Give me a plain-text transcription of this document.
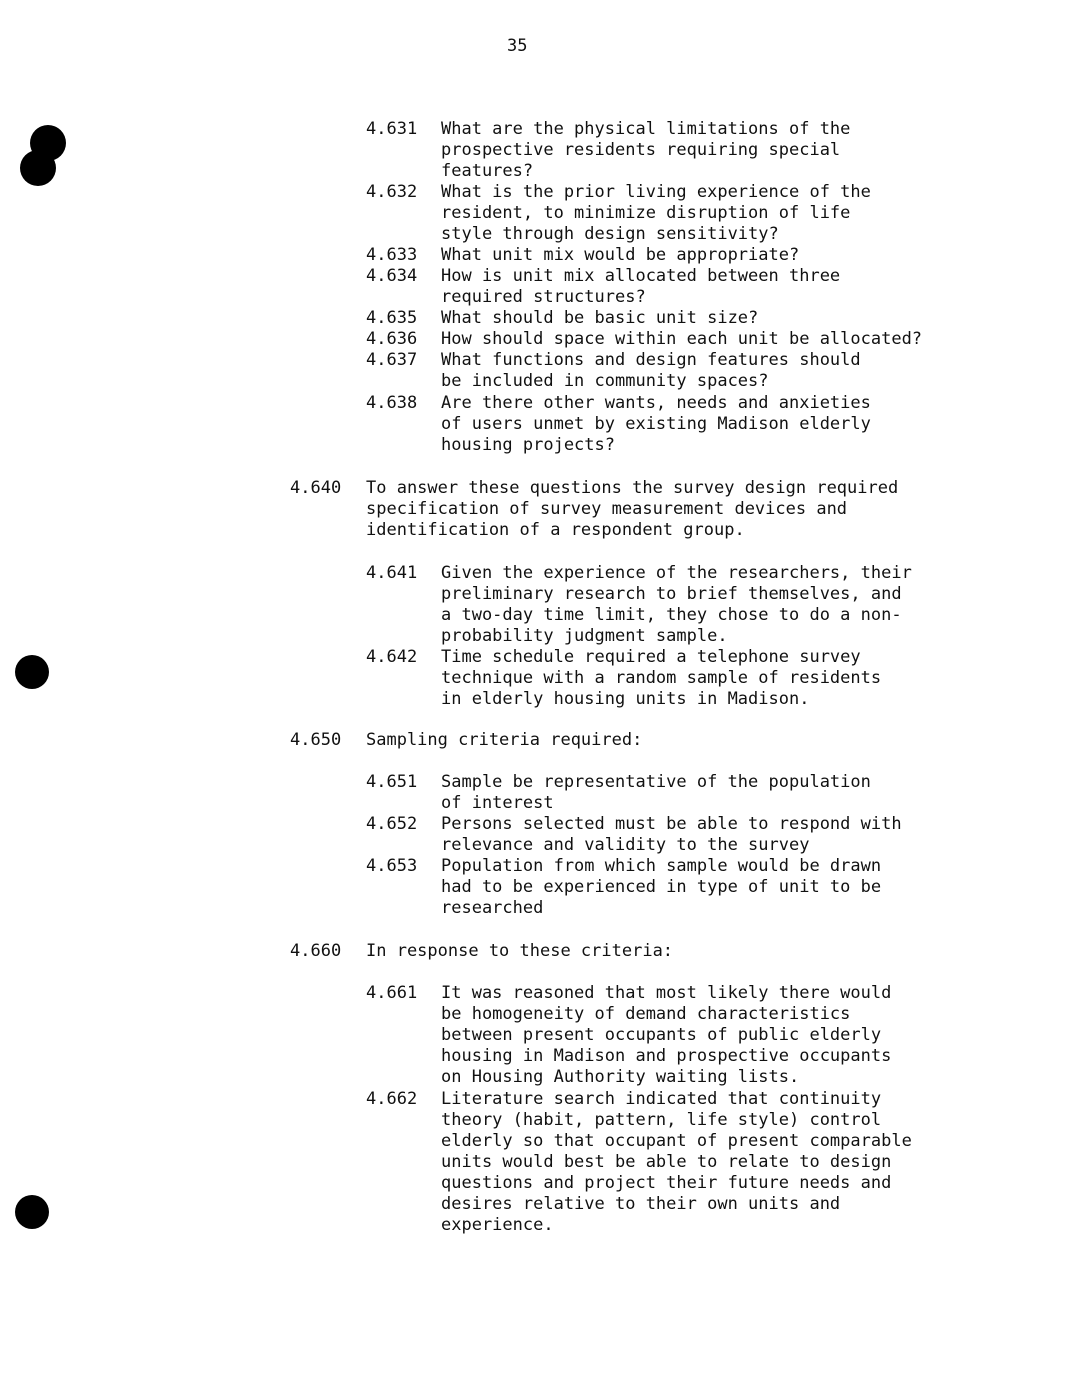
35
4.631	What are the physical limitations of the
prospective residents requiring special
features?
4.632	What is the prior living experience of the
resident, to minimize disruption of life
style through design sensitivity?
4.633	What unit mix would be appropriate?
4.634	How is unit mix allocated between three
required structures?
4.635	What should be basic unit size?
4.636	How should space within each unit be allocated?
4.637	What functions and design features should
be included in community spaces?
4.638	Are there other wants, needs and anxieties
of users unmet by existing Madison elderly
housing projects?
4.640	To answer these questions the survey design required
specification of survey measurement devices and
identification of a respondent group.
4.641	Given the experience of the researchers, their
preliminary research to brief themselves, and
a two-day time limit, they chose to do a non-
probability judgment sample.
4.642	Time schedule required a telephone survey
technique with a random sample of residents
in elderly housing units in Madison.
4.650	Sampling criteria required:
4.651	Sample be representative of the population
of interest
4.652	Persons selected must be able to respond with
relevance and validity to the survey
4.653	Population from which sample would be drawn
had to be experienced in type of unit to be
researched
4.660	In response to these criteria:
4.661	It was reasoned that most likely there would
be homogeneity of demand characteristics
between present occupants of public elderly
housing in Madison and prospective occupants
on Housing Authority waiting lists.
4.662	Literature search indicated that continuity
theory (habit, pattern, life style) control
elderly so that occupant of present comparable
units would best be able to relate to design
questions and project their future needs and
desires relative to their own units and
experience.
